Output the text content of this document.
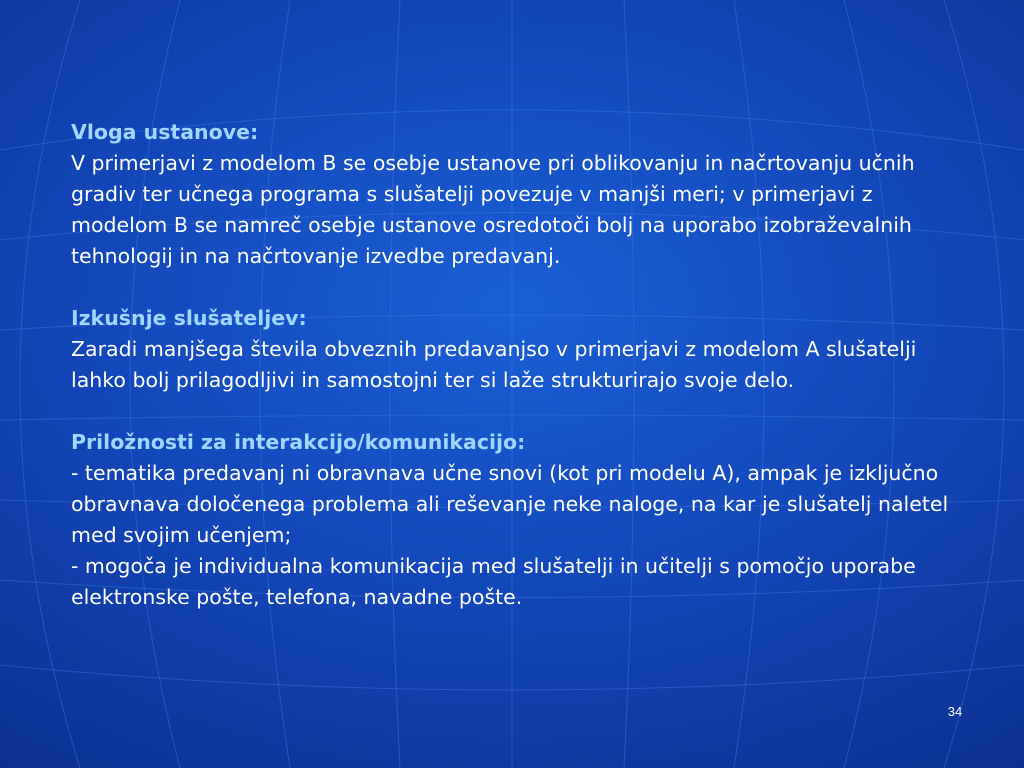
Vloga ustanove:
V primerjavi z modelom B se osebje ustanove pri oblikovanju in načrtovanju učnih gradiv ter učnega programa s slušatelji povezuje v manjši meri; v primerjavi z modelom B se namreč osebje ustanove osredotoči bolj na uporabo izobraževalnih tehnologij in na načrtovanje izvedbe predavanj.
Izkušnje slušateljev:
Zaradi manjšega števila obveznih predavanjso v primerjavi z modelom A slušatelji lahko bolj prilagodljivi in samostojni ter si laže strukturirajo svoje delo.
Priložnosti za interakcijo/komunikacijo:
- tematika predavanj ni obravnava učne snovi (kot pri modelu A), ampak je izključno obravnava določenega problema ali reševanje neke naloge, na kar je slušatelj naletel med svojim učenjem;
- mogoča je individualna komunikacija med slušatelji in učitelji s pomočjo uporabe elektronske pošte, telefona, navadne pošte.
34
